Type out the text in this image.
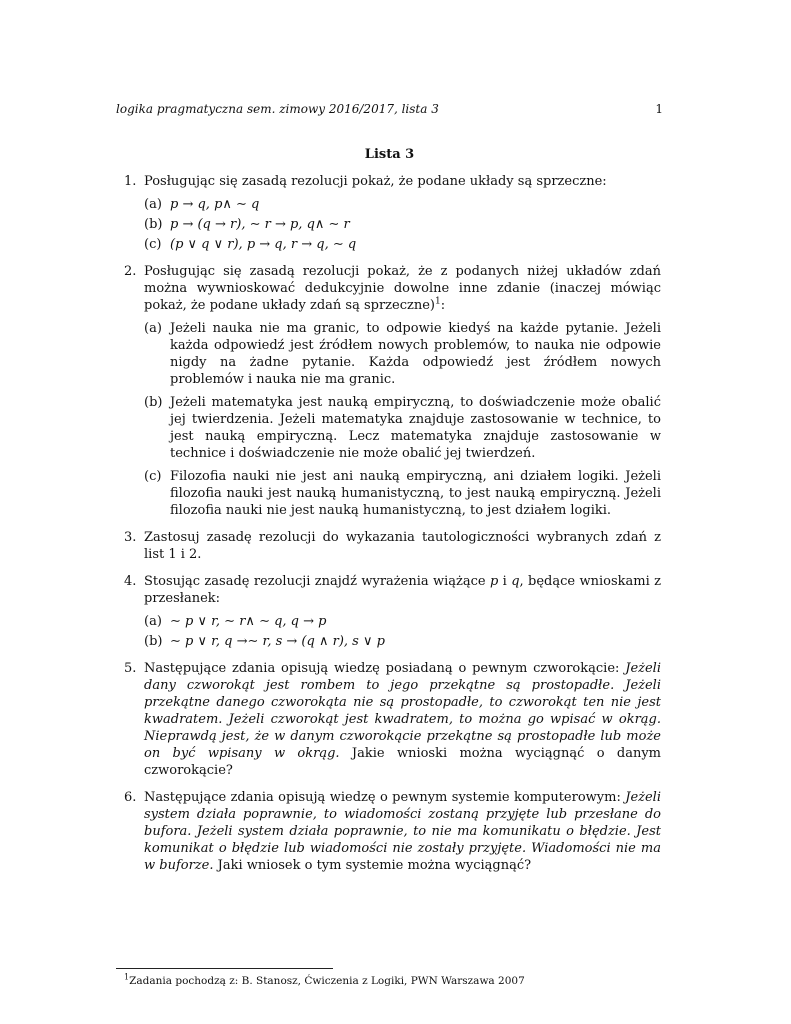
logika pragmatyczna sem. zimowy 2016/2017, lista 3	1
Lista 3
1. Posługując się zasadą rezolucji pokaż, że podane układy są sprzeczne:
(a) p → q, p∧ ∼ q
(b) p → (q → r), ∼ r → p, q∧ ∼ r
(c) (p ∨ q ∨ r), p → q, r → q, ∼ q
2. Posługując się zasadą rezolucji pokaż, że z podanych niżej układów zdań można wywnioskować dedukcyjnie dowolne inne zdanie (inaczej mówiąc pokaż, że podane układy zdań są sprzeczne)$^1$:
(a) Jeżeli nauka nie ma granic, to odpowie kiedyś na każde pytanie. Jeżeli każda odpowiedź jest źródłem nowych problemów, to nauka nie odpowie nigdy na żadne pytanie. Każda odpowiedź jest źródłem nowych problemów i nauka nie ma granic.
(b) Jeżeli matematyka jest nauką empiryczną, to doświadczenie może obalić jej twierdzenia. Jeżeli matematyka znajduje zastosowanie w technice, to jest nauką empiryczną. Lecz matematyka znajduje zastosowanie w technice i doświadczenie nie może obalić jej twierdzeń.
(c) Filozofia nauki nie jest ani nauką empiryczną, ani działem logiki. Jeżeli filozofia nauki jest nauką humanistyczną, to jest nauką empiryczną. Jeżeli filozofia nauki nie jest nauką humanistyczną, to jest działem logiki.
3. Zastosuj zasadę rezolucji do wykazania tautologiczności wybranych zdań z list 1 i 2.
4. Stosując zasadę rezolucji znajdź wyrażenia wiążące p i q, będące wnioskami z przesłanek:
(a) ∼ p ∨ r, ∼ r∧ ∼ q, q → p
(b) ∼ p ∨ r, q →∼ r, s → (q ∧ r), s ∨ p
5. Następujące zdania opisują wiedzę posiadaną o pewnym czworokącie: Jeżeli dany czworokąt jest rombem to jego przekątne są prostopadłe. Jeżeli przekątne danego czworokąta nie są prostopadłe, to czworokąt ten nie jest kwadratem. Jeżeli czworokąt jest kwadratem, to można go wpisać w okrąg. Nieprawdą jest, że w danym czworokącie przekątne są prostopadłe lub może on być wpisany w okrąg. Jakie wnioski można wyciągnąć o danym czworokącie?
6. Następujące zdania opisują wiedzę o pewnym systemie komputerowym: Jeżeli system działa poprawnie, to wiadomości zostaną przyjęte lub przesłane do bufora. Jeżeli system działa poprawnie, to nie ma komunikatu o błędzie. Jest komunikat o błędzie lub wiadomości nie zostały przyjęte. Wiadomości nie ma w buforze. Jaki wniosek o tym systemie można wyciągnąć?
$^1$Zadania pochodzą z: B. Stanosz, Ćwiczenia z Logiki, PWN Warszawa 2007
